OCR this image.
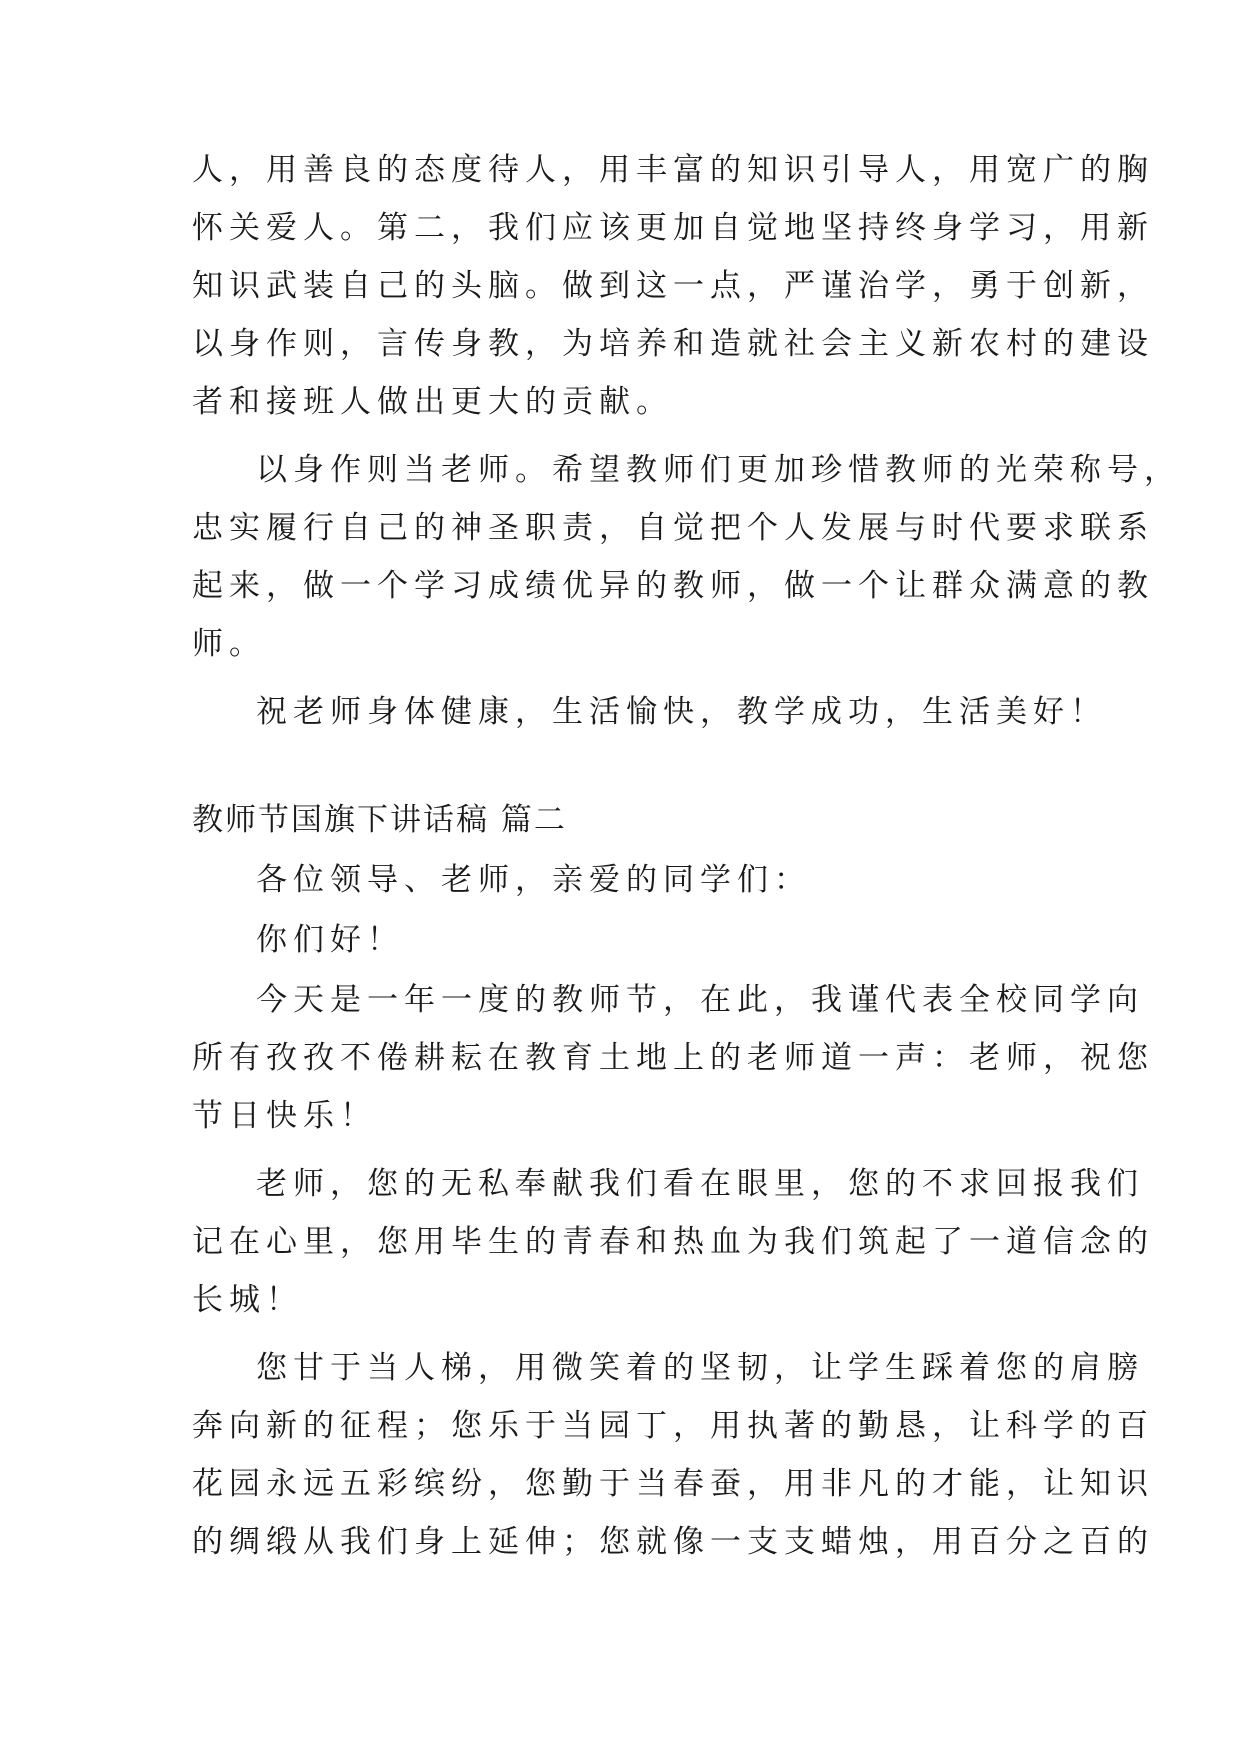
人，用善良的态度待人，用丰富的知识引导人，用宽广的胸
怀关爱人。第二，我们应该更加自觉地坚持终身学习，用新
知识武装自己的头脑。做到这一点，严谨治学，勇于创新，
以身作则，言传身教，为培养和造就社会主义新农村的建设
者和接班人做出更大的贡献。
以身作则当老师。希望教师们更加珍惜教师的光荣称号，
忠实履行自己的神圣职责，自觉把个人发展与时代要求联系
起来，做一个学习成绩优异的教师，做一个让群众满意的教
师。
祝老师身体健康，生活愉快，教学成功，生活美好！
教师节国旗下讲话稿 篇二
各位领导、老师，亲爱的同学们：
你们好！
今天是一年一度的教师节，在此，我谨代表全校同学向
所有孜孜不倦耕耘在教育土地上的老师道一声：老师，祝您
节日快乐！
老师，您的无私奉献我们看在眼里，您的不求回报我们
记在心里，您用毕生的青春和热血为我们筑起了一道信念的
长城！
您甘于当人梯，用微笑着的坚韧，让学生踩着您的肩膀
奔向新的征程；您乐于当园丁，用执著的勤恳，让科学的百
花园永远五彩缤纷，您勤于当春蚕，用非凡的才能，让知识
的绸缎从我们身上延伸；您就像一支支蜡烛，用百分之百的
